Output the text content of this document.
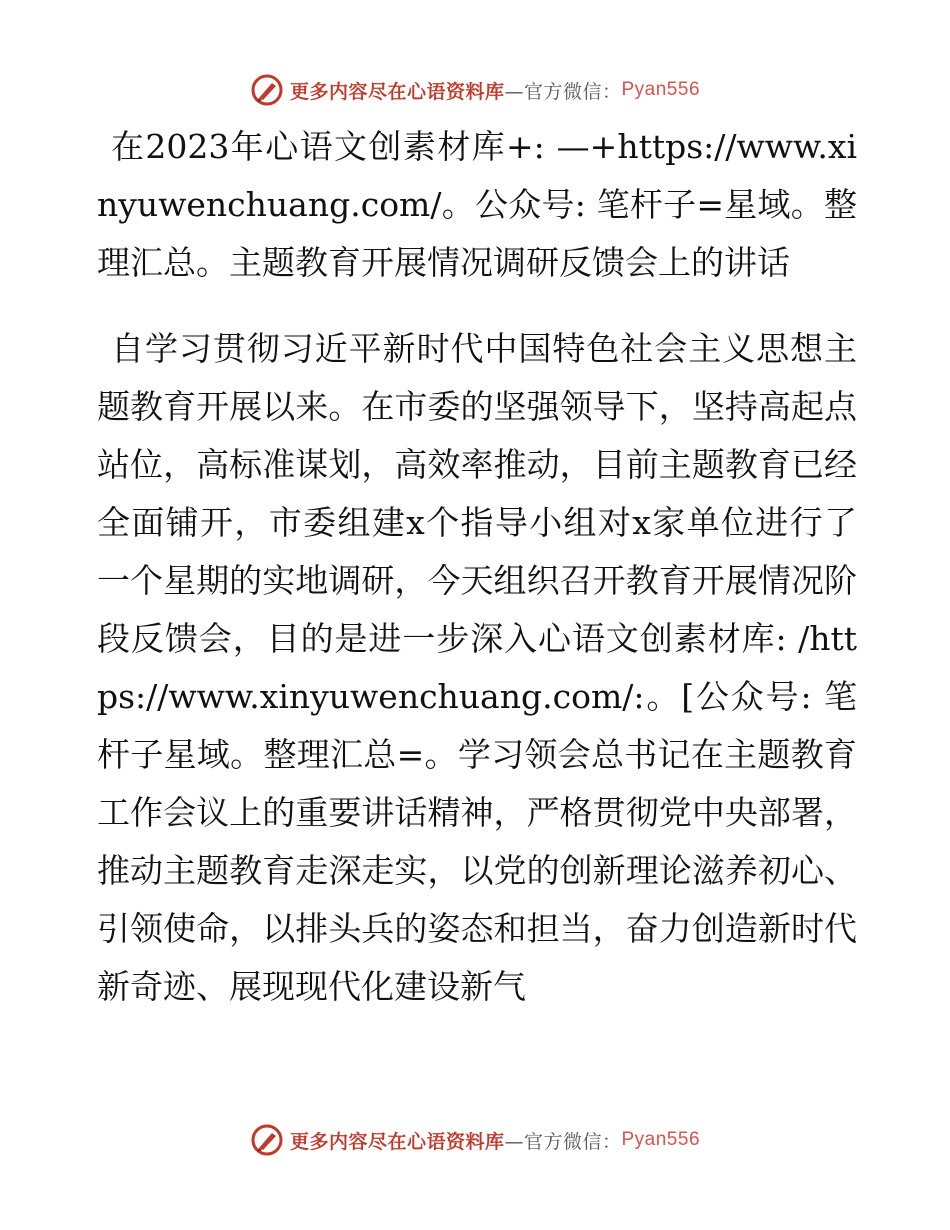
更多内容尽在心语资料库 —官方微信： Pyan556

在2023年心语文创素材库+: —+https://www.xinyuwenchuang.com/。公众号: 笔杆子=星域。整理汇总。主题教育开展情况调研反馈会上的讲话

自学习贯彻习近平新时代中国特色社会主义思想主题教育开展以来。在市委的坚强领导下，坚持高起点站位，高标准谋划，高效率推动，目前主题教育已经全面铺开，市委组建x个指导小组对x家单位进行了一个星期的实地调研，今天组织召开教育开展情况阶段反馈会，目的是进一步深入心语文创素材库: /https://www.xinyuwenchuang.com/:。[公众号: 笔杆子星域。整理汇总=。学习领会总书记在主题教育工作会议上的重要讲话精神，严格贯彻党中央部署，推动主题教育走深走实，以党的创新理论滋养初心、引领使命，以排头兵的姿态和担当，奋力创造新时代新奇迹、展现现代化建设新气

更多内容尽在心语资料库 —官方微信： Pyan556
